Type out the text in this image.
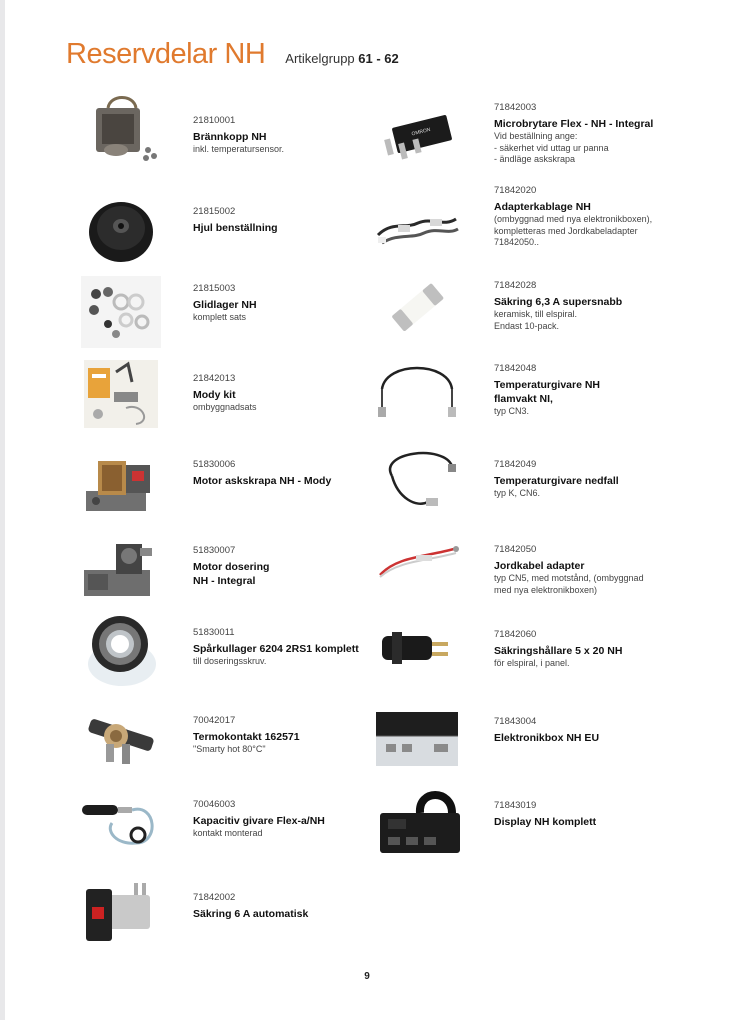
Reservdelar NH Artikelgrupp 61 - 62
21810001
Brännkopp NH
inkl. temperatursensor.
21815002
Hjul benställning
21815003
Glidlager NH
komplett sats
21842013
Mody kit
ombyggnadsats
51830006
Motor askskrapa NH - Mody
51830007
Motor dosering
NH - Integral
51830011
Spårkullager 6204 2RS1 komplett
till doseringsskruv.
70042017
Termokontakt 162571
"Smarty hot 80°C"
70046003
Kapacitiv givare Flex-a/NH
kontakt monterad
71842002
Säkring 6 A automatisk
OMRON
71842003
Microbrytare Flex - NH - Integral
Vid beställning ange:
- säkerhet vid uttag ur panna
- ändläge askskrapa
71842020
Adapterkablage NH
(ombyggnad med nya elektronikboxen),
kompletteras med Jordkabeladapter
71842050..
71842028
Säkring 6,3 A supersnabb
keramisk, till elspiral.
Endast 10-pack.
71842048
Temperaturgivare NH
flamvakt NI,
typ CN3.
71842049
Temperaturgivare nedfall
typ K, CN6.
71842050
Jordkabel adapter
typ CN5, med motstånd, (ombyggnad
med nya elektronikboxen)
71842060
Säkringshållare 5 x 20 NH
för elspiral, i panel.
71843004
Elektronikbox NH EU
71843019
Display NH komplett
9
